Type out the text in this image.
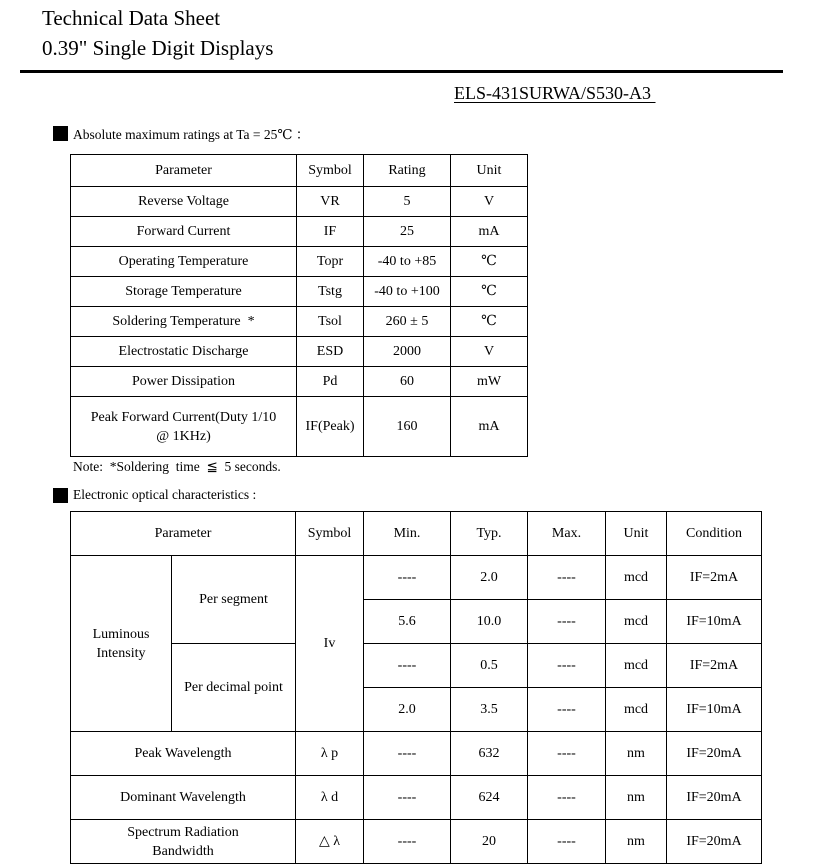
Technical Data Sheet
0.39" Single Digit Displays
ELS-431SURWA/S530-A3
Absolute maximum ratings at Ta = 25℃ ：
Parameter	Symbol	Rating	Unit
Reverse Voltage	VR	5	V
Forward Current	IF	25	mA
Operating Temperature	Topr	-40 to +85	℃
Storage Temperature	Tstg	-40 to +100	℃
Soldering Temperature  *	Tsol	260 ± 5	℃
Electrostatic Discharge	ESD	2000	V
Power Dissipation	Pd	60	mW
Peak Forward Current(Duty 1/10 @ 1KHz)	IF(Peak)	160	mA
Note:  *Soldering  time  ≦  5 seconds.
Electronic optical characteristics :
Parameter		Symbol	Min.	Typ.	Max.	Unit	Condition
Luminous Intensity	Per segment	Iv	----	2.0	----	mcd	IF=2mA
			5.6	10.0	----	mcd	IF=10mA
	Per decimal point		----	0.5	----	mcd	IF=2mA
			2.0	3.5	----	mcd	IF=10mA
Peak Wavelength		λ p	----	632	----	nm	IF=20mA
Dominant Wavelength		λ d	----	624	----	nm	IF=20mA
Spectrum Radiation Bandwidth		△ λ	----	20	----	nm	IF=20mA
